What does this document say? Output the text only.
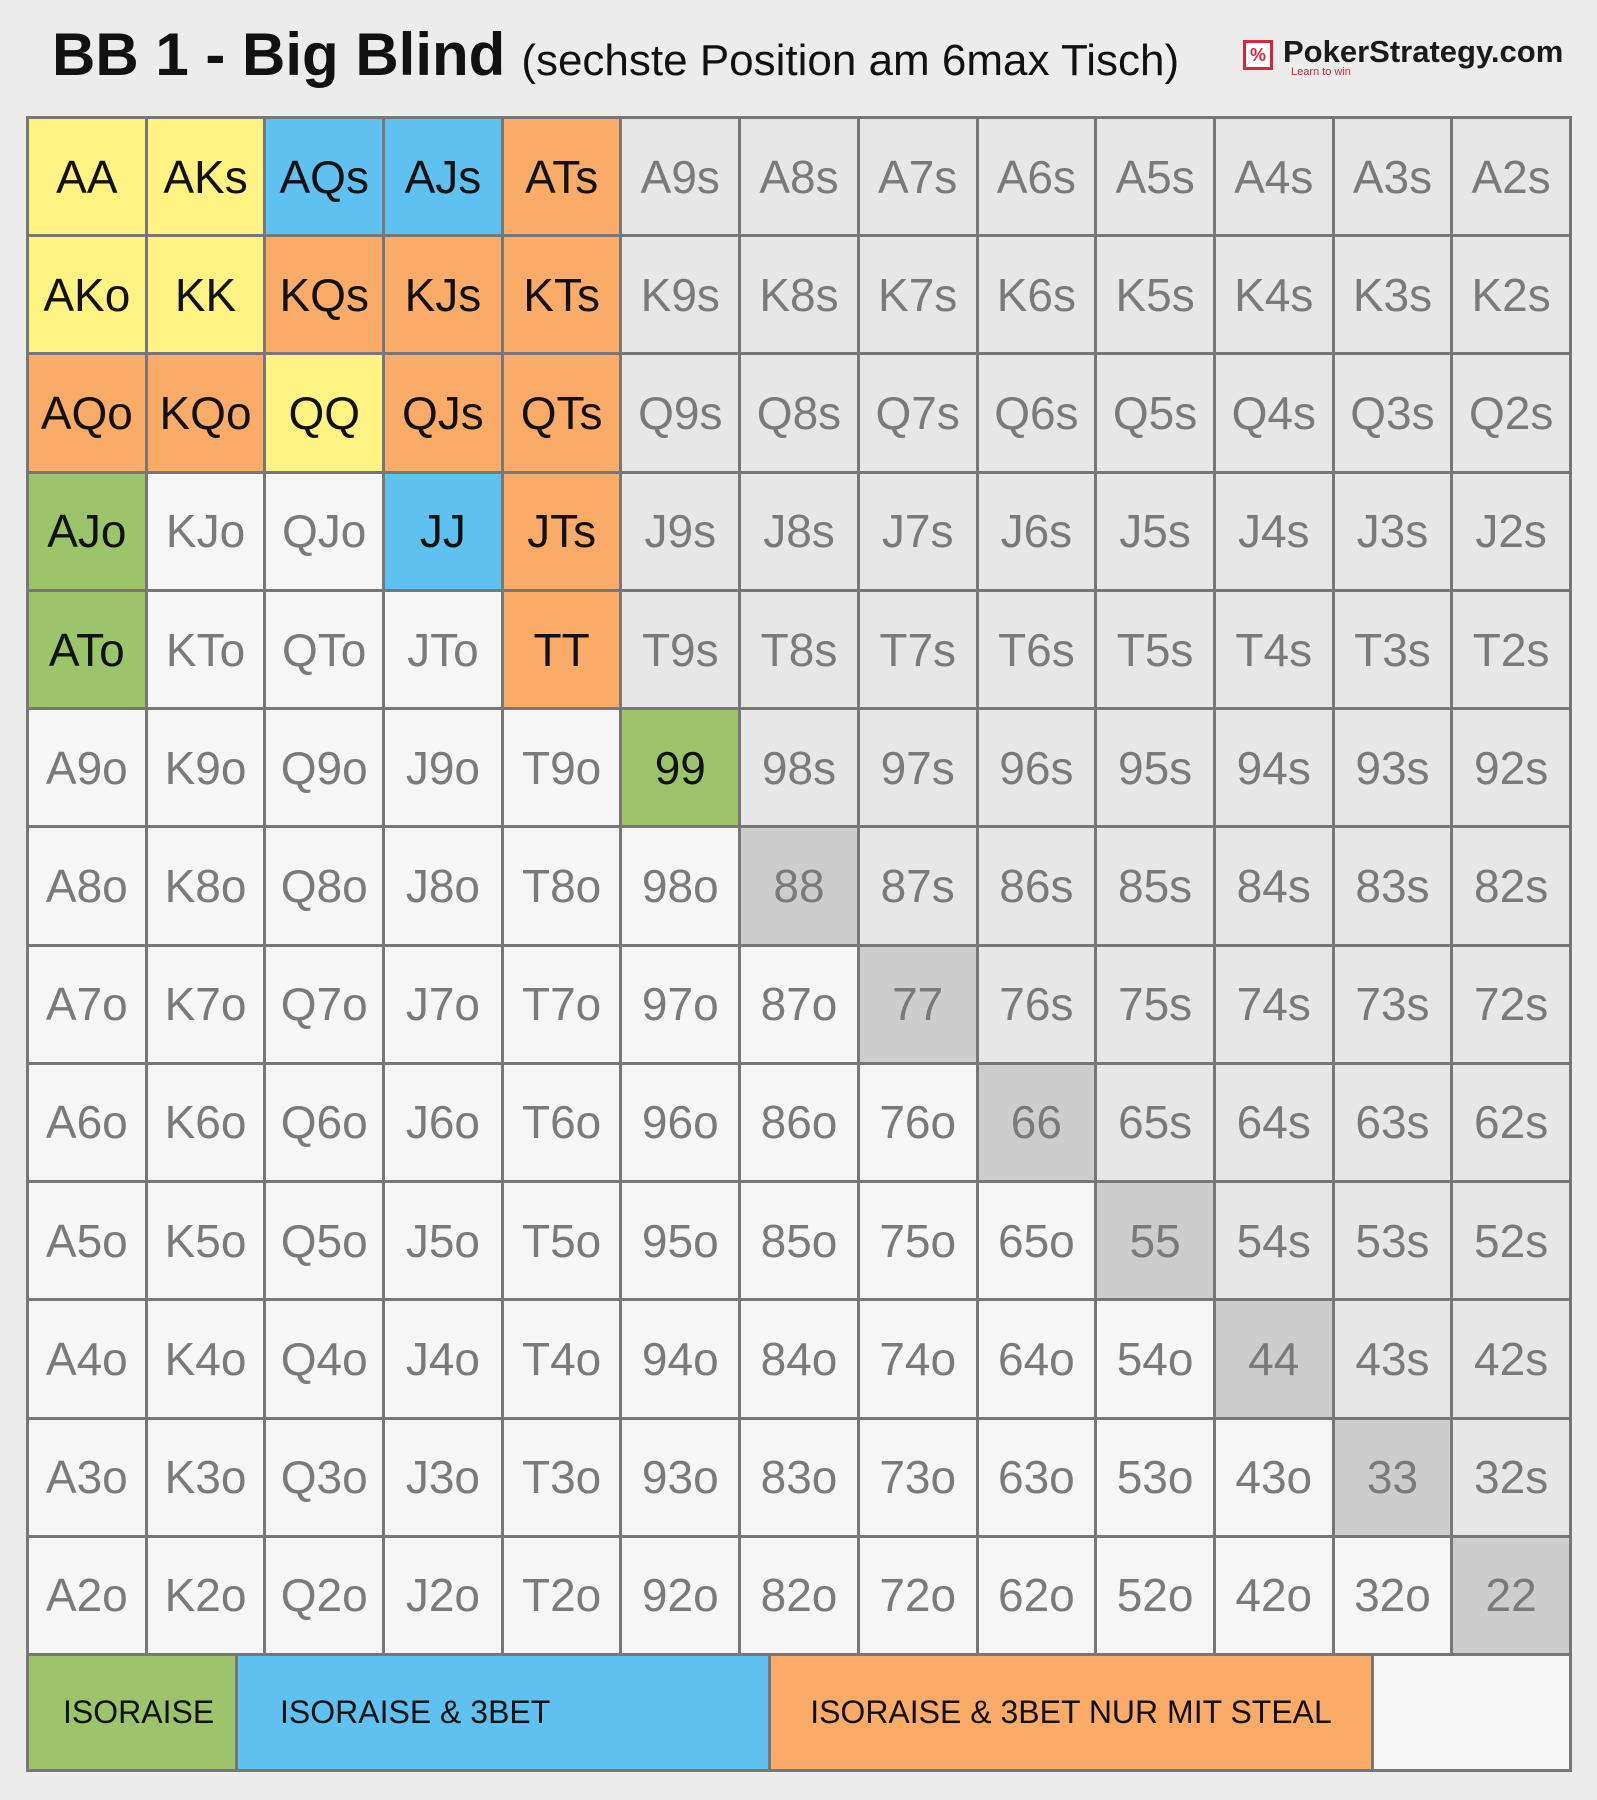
BB 1 - Big Blind (sechste Position am 6max Tisch)	% PokerStrategy.com
Learn to win
AA AKs AQs AJs ATs A9s A8s A7s A6s A5s A4s A3s A2s
AKo KK KQs KJs KTs K9s K8s K7s K6s K5s K4s K3s K2s
AQo KQo QQ QJs QTs Q9s Q8s Q7s Q6s Q5s Q4s Q3s Q2s
AJo KJo QJo	JJ	JTs	J9s	J8s	J7s	J6s	J5s	J4s	J3s	J2s
ATo KTo QTo JTo	TT	T9s T8s T7s T6s T5s T4s T3s T2s
A9o K9o Q9o J9o T9o	99	98s 97s 96s 95s 94s 93s 92s
A8o K8o Q8o J8o T8o 98o	88	87s 86s 85s 84s 83s 82s
A7o K7o Q7o J7o T7o 97o 87o	77	76s 75s 74s 73s 72s
A6o K6o Q6o J6o T6o 96o 86o 76o	66	65s 64s 63s 62s
A5o K5o Q5o J5o T5o 95o 85o 75o 65o	55	54s 53s 52s
A4o K4o Q4o J4o T4o 94o 84o 74o 64o 54o	44	43s 42s
A3o K3o Q3o J3o T3o 93o 83o 73o 63o 53o 43o	33	32s
A2o K2o Q2o J2o T2o 92o 82o 72o 62o 52o 42o 32o	22
ISORAISE ISORAISE & 3BET	ISORAISE & 3BET NUR MIT STEAL
